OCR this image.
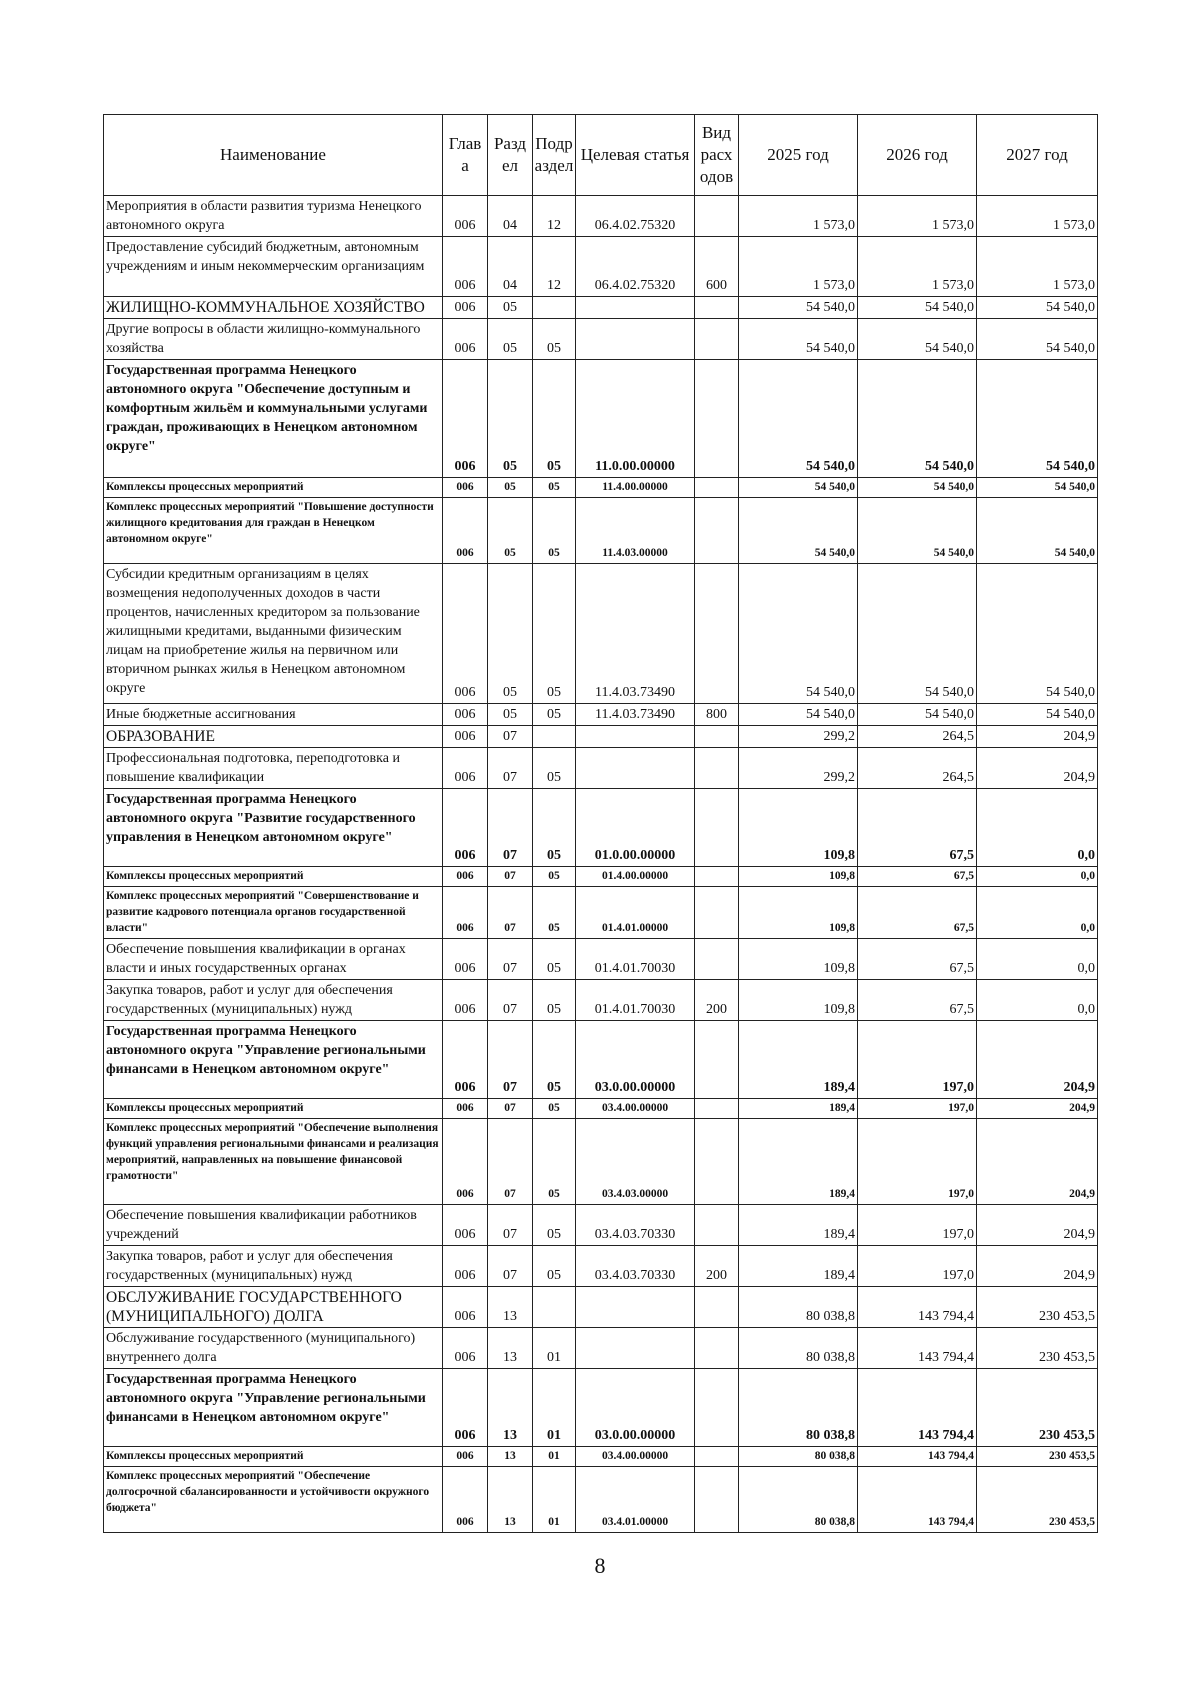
Наименование	Глав а	Разд ел	Подр аздел	Целевая статья	Вид расх одов	2025 год	2026 год	2027 год
Мероприятия в области развития туризма Ненецкого автономного округа	006	04	12	06.4.02.75320		1 573,0	1 573,0	1 573,0
Предоставление субсидий бюджетным, автономным учреждениям и иным некоммерческим организациям	006	04	12	06.4.02.75320	600	1 573,0	1 573,0	1 573,0
ЖИЛИЩНО-КОММУНАЛЬНОЕ ХОЗЯЙСТВО	006	05				54 540,0	54 540,0	54 540,0
Другие вопросы в области жилищно-коммунального хозяйства	006	05	05			54 540,0	54 540,0	54 540,0
Государственная программа Ненецкого автономного округа "Обеспечение доступным и комфортным жильём и коммунальными услугами граждан, проживающих в Ненецком автономном округе"	006	05	05	11.0.00.00000		54 540,0	54 540,0	54 540,0
Комплексы процессных мероприятий	006	05	05	11.4.00.00000		54 540,0	54 540,0	54 540,0
Комплекс процессных мероприятий "Повышение доступности жилищного кредитования для граждан в Ненецком автономном округе"	006	05	05	11.4.03.00000		54 540,0	54 540,0	54 540,0
Субсидии кредитным организациям в целях возмещения недополученных доходов в части процентов, начисленных кредитором за пользование жилищными кредитами, выданными физическим лицам на приобретение жилья на первичном или вторичном рынках жилья в Ненецком автономном округе	006	05	05	11.4.03.73490		54 540,0	54 540,0	54 540,0
Иные бюджетные ассигнования	006	05	05	11.4.03.73490	800	54 540,0	54 540,0	54 540,0
ОБРАЗОВАНИЕ	006	07				299,2	264,5	204,9
Профессиональная подготовка, переподготовка и повышение квалификации	006	07	05			299,2	264,5	204,9
Государственная программа Ненецкого автономного округа "Развитие государственного управления в Ненецком автономном округе"	006	07	05	01.0.00.00000		109,8	67,5	0,0
Комплексы процессных мероприятий	006	07	05	01.4.00.00000		109,8	67,5	0,0
Комплекс процессных мероприятий "Совершенствование и развитие кадрового потенциала органов государственной власти"	006	07	05	01.4.01.00000		109,8	67,5	0,0
Обеспечение повышения квалификации в органах власти и иных государственных органах	006	07	05	01.4.01.70030		109,8	67,5	0,0
Закупка товаров, работ и услуг для обеспечения государственных (муниципальных) нужд	006	07	05	01.4.01.70030	200	109,8	67,5	0,0
Государственная программа Ненецкого автономного округа "Управление региональными финансами в Ненецком автономном округе"	006	07	05	03.0.00.00000		189,4	197,0	204,9
Комплексы процессных мероприятий	006	07	05	03.4.00.00000		189,4	197,0	204,9
Комплекс процессных мероприятий "Обеспечение выполнения функций управления региональными финансами и реализация мероприятий, направленных на повышение финансовой грамотности"	006	07	05	03.4.03.00000		189,4	197,0	204,9
Обеспечение повышения квалификации работников учреждений	006	07	05	03.4.03.70330		189,4	197,0	204,9
Закупка товаров, работ и услуг для обеспечения государственных (муниципальных) нужд	006	07	05	03.4.03.70330	200	189,4	197,0	204,9
ОБСЛУЖИВАНИЕ ГОСУДАРСТВЕННОГО (МУНИЦИПАЛЬНОГО) ДОЛГА	006	13				80 038,8	143 794,4	230 453,5
Обслуживание государственного (муниципального) внутреннего долга	006	13	01			80 038,8	143 794,4	230 453,5
Государственная программа Ненецкого автономного округа "Управление региональными финансами в Ненецком автономном округе"	006	13	01	03.0.00.00000		80 038,8	143 794,4	230 453,5
Комплексы процессных мероприятий	006	13	01	03.4.00.00000		80 038,8	143 794,4	230 453,5
Комплекс процессных мероприятий "Обеспечение долгосрочной сбалансированности и устойчивости окружного бюджета"	006	13	01	03.4.01.00000		80 038,8	143 794,4	230 453,5
8
